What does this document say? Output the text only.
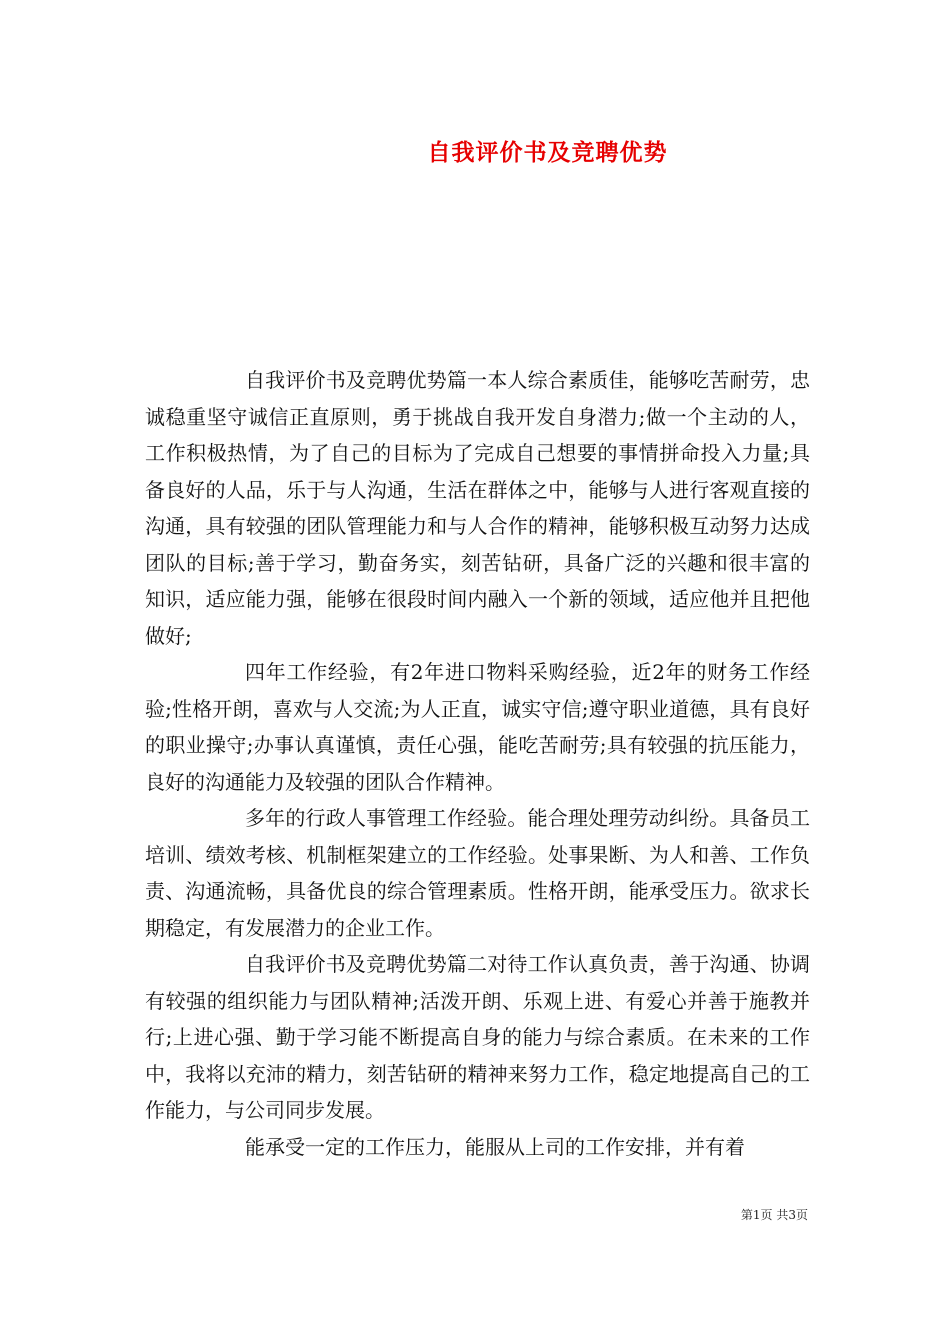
自我评价书及竞聘优势

自我评价书及竞聘优势篇一本人综合素质佳，能够吃苦耐劳，忠诚稳重坚守诚信正直原则，勇于挑战自我开发自身潜力;做一个主动的人，工作积极热情，为了自己的目标为了完成自己想要的事情拼命投入力量;具备良好的人品，乐于与人沟通，生活在群体之中，能够与人进行客观直接的沟通，具有较强的团队管理能力和与人合作的精神，能够积极互动努力达成团队的目标;善于学习，勤奋务实，刻苦钻研，具备广泛的兴趣和很丰富的知识，适应能力强，能够在很段时间内融入一个新的领域，适应他并且把他做好;

四年工作经验，有2年进口物料采购经验，近2年的财务工作经验;性格开朗，喜欢与人交流;为人正直，诚实守信;遵守职业道德，具有良好的职业操守;办事认真谨慎，责任心强，能吃苦耐劳;具有较强的抗压能力，良好的沟通能力及较强的团队合作精神。

多年的行政人事管理工作经验。能合理处理劳动纠纷。具备员工培训、绩效考核、机制框架建立的工作经验。处事果断、为人和善、工作负责、沟通流畅，具备优良的综合管理素质。性格开朗，能承受压力。欲求长期稳定，有发展潜力的企业工作。

自我评价书及竞聘优势篇二对待工作认真负责，善于沟通、协调有较强的组织能力与团队精神;活泼开朗、乐观上进、有爱心并善于施教并行;上进心强、勤于学习能不断提高自身的能力与综合素质。在未来的工作中，我将以充沛的精力，刻苦钻研的精神来努力工作，稳定地提高自己的工作能力，与公司同步发展。

能承受一定的工作压力，能服从上司的工作安排，并有着

第1页 共3页
